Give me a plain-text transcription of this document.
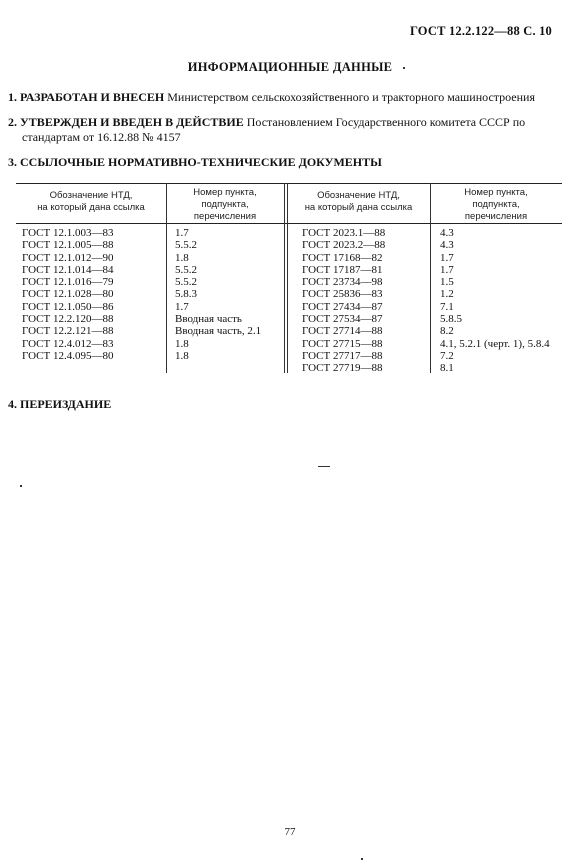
ГОСТ 12.2.122—88 С. 10
ИНФОРМАЦИОННЫЕ ДАННЫЕ
1. РАЗРАБОТАН И ВНЕСЕН Министерством сельскохозяйственного и тракторного машиностроения
2. УТВЕРЖДЕН И ВВЕДЕН В ДЕЙСТВИЕ Постановлением Государственного комитета СССР по
стандартам от 16.12.88 № 4157
3. ССЫЛОЧНЫЕ НОРМАТИВНО-ТЕХНИЧЕСКИЕ ДОКУМЕНТЫ
Обозначение НТД,
на который дана ссылка
Номер пункта,
подпункта,
перечисления
Обозначение НТД,
на который дана ссылка
Номер пункта,
подпункта,
перечисления
ГОСТ 12.1.003—83
ГОСТ 12.1.005—88
ГОСТ 12.1.012—90
ГОСТ 12.1.014—84
ГОСТ 12.1.016—79
ГОСТ 12.1.028—80
ГОСТ 12.1.050—86
ГОСТ 12.2.120—88
ГОСТ 12.2.121—88
ГОСТ 12.4.012—83
ГОСТ 12.4.095—80
1.7
5.5.2
1.8
5.5.2
5.5.2
5.8.3
1.7
Вводная часть
Вводная часть, 2.1
1.8
1.8
ГОСТ 2023.1—88
ГОСТ 2023.2—88
ГОСТ 17168—82
ГОСТ 17187—81
ГОСТ 23734—98
ГОСТ 25836—83
ГОСТ 27434—87
ГОСТ 27534—87
ГОСТ 27714—88
ГОСТ 27715—88
ГОСТ 27717—88
ГОСТ 27719—88
4.3
4.3
1.7
1.7
1.5
1.2
7.1
5.8.5
8.2
4.1, 5.2.1 (черт. 1), 5.8.4
7.2
8.1
4. ПЕРЕИЗДАНИЕ
77
